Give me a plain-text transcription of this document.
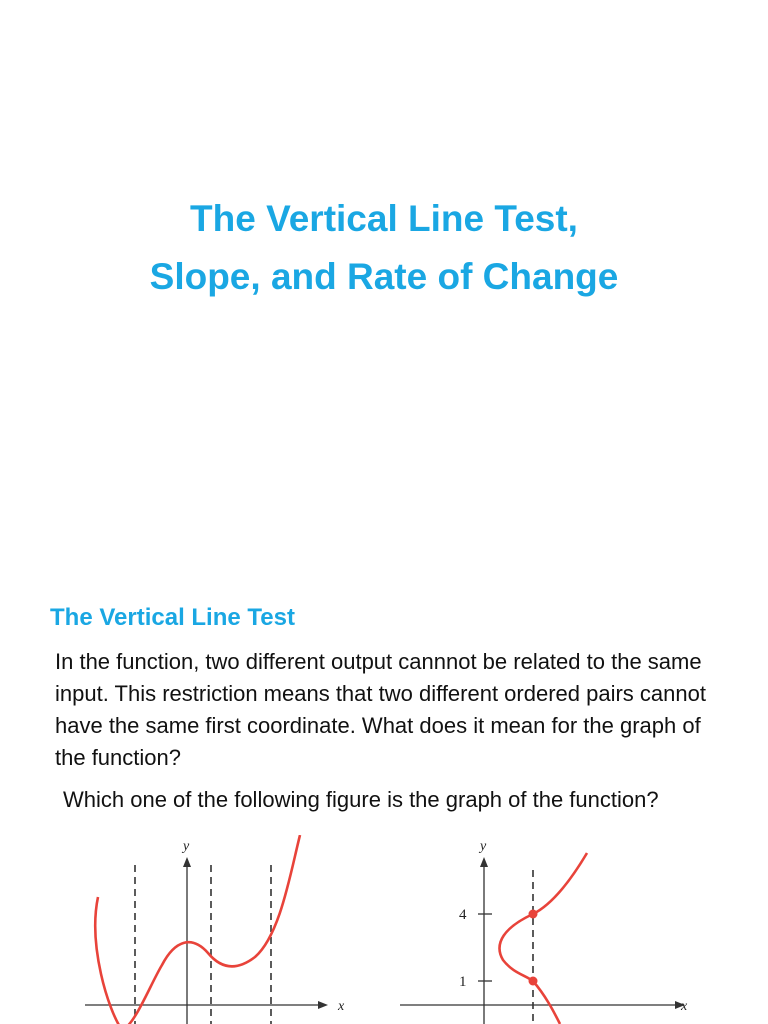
The Vertical Line Test,
Slope, and Rate of Change
The Vertical Line Test

In the function, two different output cannnot be related to the same input. This restriction means that two different ordered pairs cannot have the same first coordinate. What does it mean for the graph of the function?

Which one of the following figure is the graph of the function?

x
y
4
1
x
y
